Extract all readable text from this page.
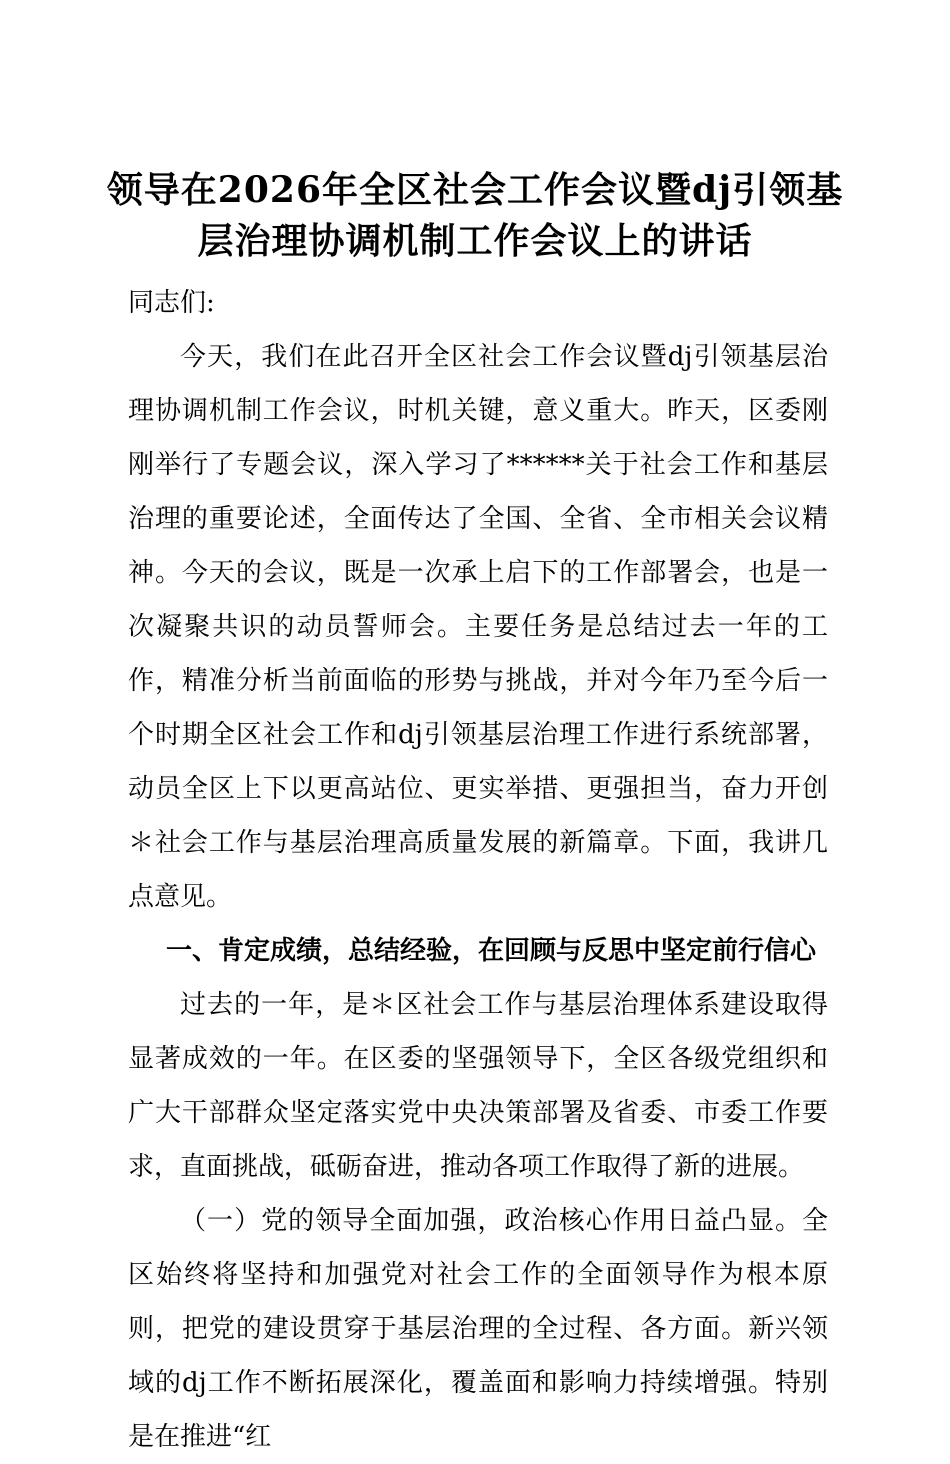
领导在2026年全区社会工作会议暨dj引领基
层治理协调机制工作会议上的讲话

同志们:

今天，我们在此召开全区社会工作会议暨dj引领基层治理协调机制工作会议，时机关键，意义重大。昨天，区委刚刚举行了专题会议，深入学习了******关于社会工作和基层治理的重要论述，全面传达了全国、全省、全市相关会议精神。今天的会议，既是一次承上启下的工作部署会，也是一次凝聚共识的动员誓师会。主要任务是总结过去一年的工作，精准分析当前面临的形势与挑战，并对今年乃至今后一个时期全区社会工作和dj引领基层治理工作进行系统部署，动员全区上下以更高站位、更实举措、更强担当，奋力开创＊社会工作与基层治理高质量发展的新篇章。下面，我讲几点意见。

一、肯定成绩，总结经验，在回顾与反思中坚定前行信心

过去的一年，是＊区社会工作与基层治理体系建设取得显著成效的一年。在区委的坚强领导下，全区各级党组织和广大干部群众坚定落实党中央决策部署及省委、市委工作要求，直面挑战，砥砺奋进，推动各项工作取得了新的进展。

（一）党的领导全面加强，政治核心作用日益凸显。全区始终将坚持和加强党对社会工作的全面领导作为根本原则，把党的建设贯穿于基层治理的全过程、各方面。新兴领域的dj工作不断拓展深化，覆盖面和影响力持续增强。特别是在推进“红
